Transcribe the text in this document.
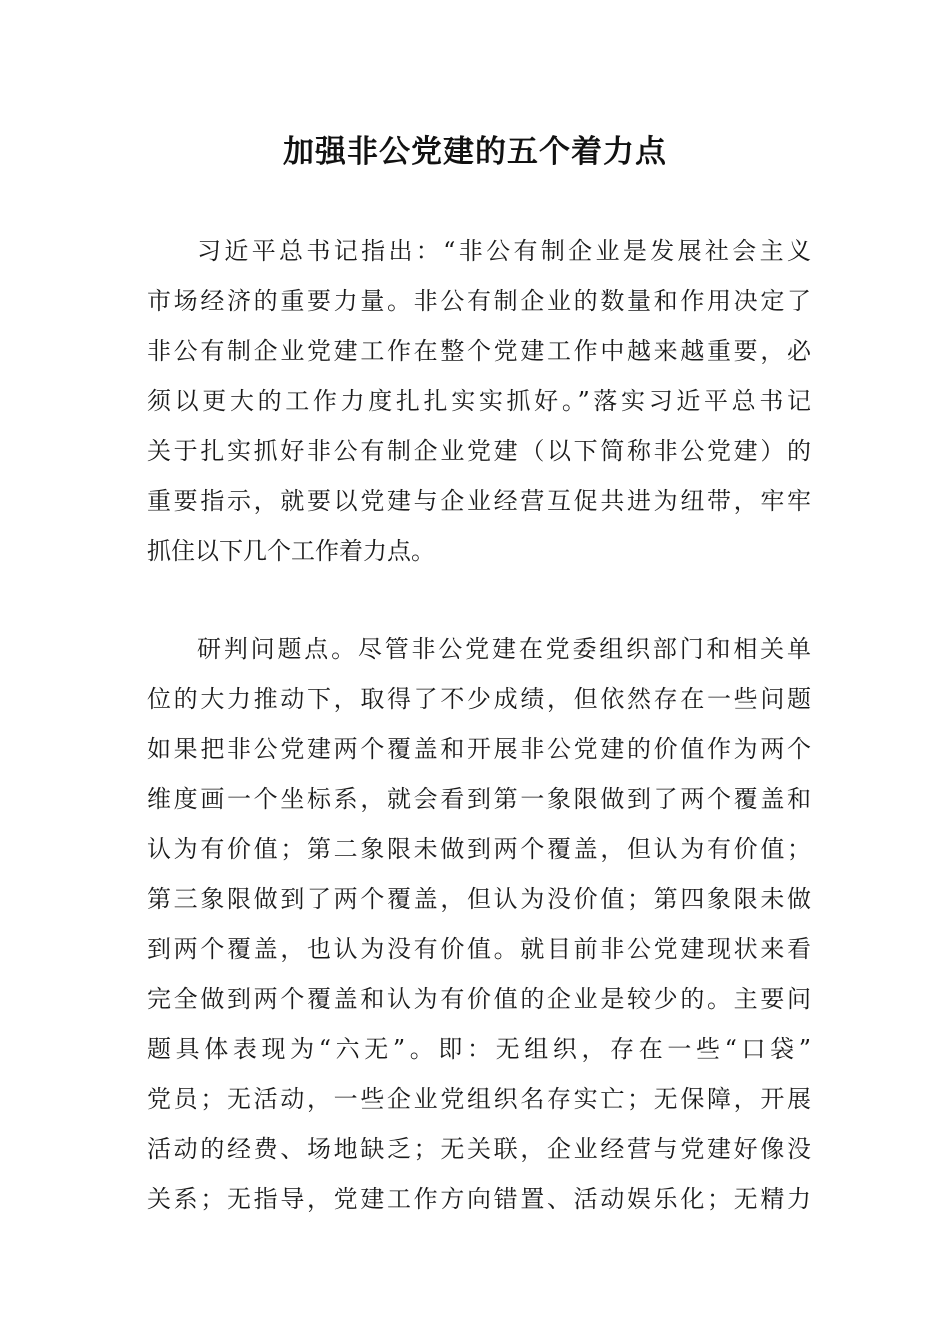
加强非公党建的五个着力点
习近平总书记指出：“非公有制企业是发展社会主义
市场经济的重要力量。非公有制企业的数量和作用决定了
非公有制企业党建工作在整个党建工作中越来越重要，必
须以更大的工作力度扎扎实实抓好。”落实习近平总书记
关于扎实抓好非公有制企业党建（以下简称非公党建）的
重要指示，就要以党建与企业经营互促共进为纽带，牢牢
抓住以下几个工作着力点。
研判问题点。尽管非公党建在党委组织部门和相关单
位的大力推动下，取得了不少成绩，但依然存在一些问题
如果把非公党建两个覆盖和开展非公党建的价值作为两个
维度画一个坐标系，就会看到第一象限做到了两个覆盖和
认为有价值；第二象限未做到两个覆盖，但认为有价值；
第三象限做到了两个覆盖，但认为没价值；第四象限未做
到两个覆盖，也认为没有价值。就目前非公党建现状来看
完全做到两个覆盖和认为有价值的企业是较少的。主要问
题具体表现为“六无”。即：无组织，存在一些“口袋”
党员；无活动，一些企业党组织名存实亡；无保障，开展
活动的经费、场地缺乏；无关联，企业经营与党建好像没
关系；无指导，党建工作方向错置、活动娱乐化；无精力
